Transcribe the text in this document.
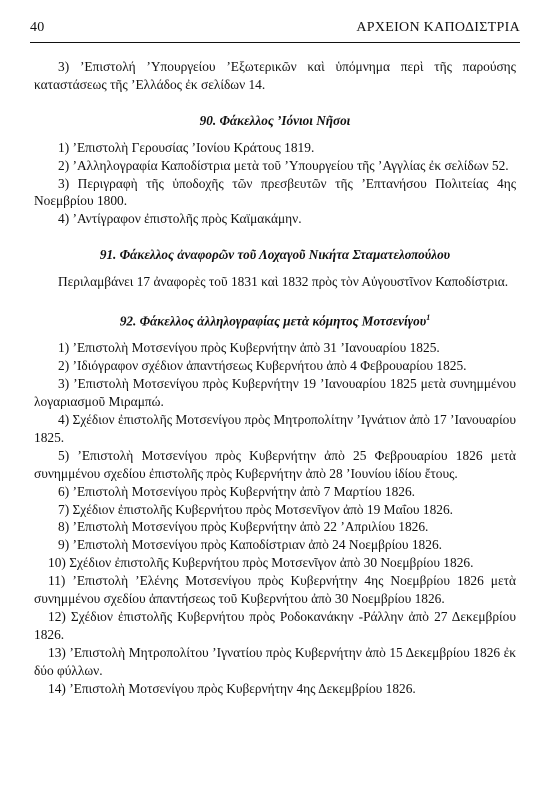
40	ΑΡΧΕΙΟΝ ΚΑΠΟΔΙΣΤΡΙΑ

3) ’Επιστολή ’Υπουργείου ’Εξωτερικῶν καὶ ὑπόμνημα περὶ τῆς παρούσης καταστάσεως τῆς ’Ελλάδος ἐκ σελίδων 14.

90. Φάκελλος ’Ιόνιοι Νῆσοι

1) ’Επιστολὴ Γερουσίας ’Ιονίου Κράτους 1819.

2) ’Αλληλογραφία Καποδίστρια μετὰ τοῦ ’Υπουργείου τῆς ’Αγγλίας ἐκ σελίδων 52.

3) Περιγραφὴ τῆς ὑποδοχῆς τῶν πρεσβευτῶν τῆς ’Επτανήσου Πολιτείας 4ης Νοεμβρίου 1800.

4) ’Αντίγραφον ἐπιστολῆς πρὸς Καϊμακάμην.

91. Φάκελλος ἀναφορῶν τοῦ Λοχαγοῦ Νικήτα Σταματελοπούλου

Περιλαμβάνει 17 ἀναφορὲς τοῦ 1831 καὶ 1832 πρὸς τὸν Αὐγουστῖνον Καποδίστρια.

92. Φάκελλος ἀλληλογραφίας μετὰ κόμητος Μοτσενίγου$^1$

1) ’Επιστολὴ Μοτσενίγου πρὸς Κυβερνήτην ἀπὸ 31 ’Ιανουαρίου 1825.

2) ’Ιδιόγραφον σχέδιον ἀπαντήσεως Κυβερνήτου ἀπὸ 4 Φεβρουαρίου 1825.

3) ’Επιστολὴ Μοτσενίγου πρὸς Κυβερνήτην 19 ’Ιανουαρίου 1825 μετὰ συνημμένου λογαριασμοῦ Μιραμπώ.

4) Σχέδιον ἐπιστολῆς Μοτσενίγου πρὸς Μητροπολίτην ’Ιγνάτιον ἀπὸ 17 ’Ιανουαρίου 1825.

5) ’Επιστολὴ Μοτσενίγου πρὸς Κυβερνήτην ἀπὸ 25 Φεβρουαρίου 1826 μετὰ συνημμένου σχεδίου ἐπιστολῆς πρὸς Κυβερνήτην ἀπὸ 28 ’Ιουνίου ἰδίου ἔτους.

6) ’Επιστολὴ Μοτσενίγου πρὸς Κυβερνήτην ἀπὸ 7 Μαρτίου 1826.

7) Σχέδιον ἐπιστολῆς Κυβερνήτου πρὸς Μοτσενῖγον ἀπὸ 19 Μαΐου 1826.

8) ’Επιστολὴ Μοτσενίγου πρὸς Κυβερνήτην ἀπὸ 22 ’Απριλίου 1826.

9) ’Επιστολὴ Μοτσενίγου πρὸς Καποδίστριαν ἀπὸ 24 Νοεμβρίου 1826.

10) Σχέδιον ἐπιστολῆς Κυβερνήτου πρὸς Μοτσενῖγον ἀπὸ 30 Νοεμβρίου 1826.

11) ’Επιστολὴ ’Ελένης Μοτσενίγου πρὸς Κυβερνήτην 4ης Νοεμβρίου 1826 μετὰ συνημμένου σχεδίου ἀπαντήσεως τοῦ Κυβερνήτου ἀπὸ 30 Νοεμβρίου 1826.

12) Σχέδιον ἐπιστολῆς Κυβερνήτου πρὸς Ροδοκανάκην -Ράλλην ἀπὸ 27 Δεκεμβρίου 1826.

13) ’Επιστολὴ Μητροπολίτου ’Ιγνατίου πρὸς Κυβερνήτην ἀπὸ 15 Δεκεμβρίου 1826 ἐκ δύο φύλλων.

14) ’Επιστολὴ Μοτσενίγου πρὸς Κυβερνήτην 4ης Δεκεμβρίου 1826.
